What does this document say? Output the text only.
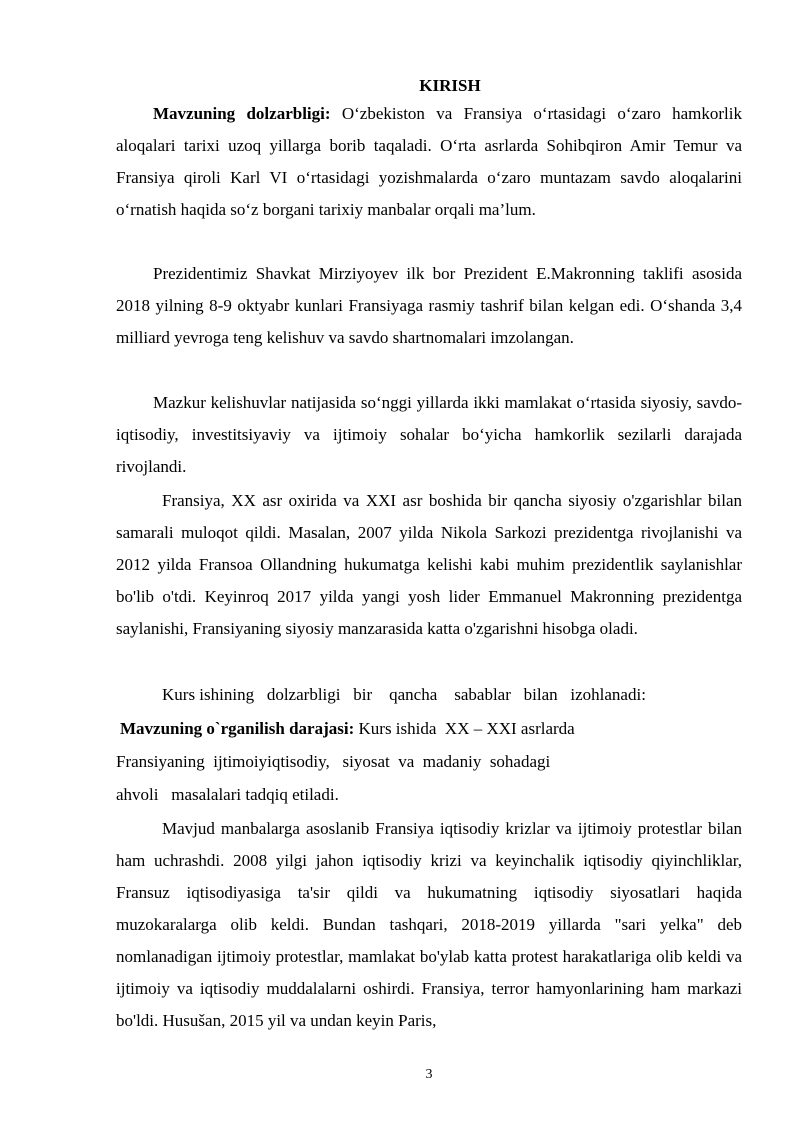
KIRISH

Mavzuning dolzarbligi: O‘zbekiston va Fransiya o‘rtasidagi o‘zaro hamkorlik aloqalari tarixi uzoq yillarga borib taqaladi. O‘rta asrlarda Sohibqiron Amir Temur va Fransiya qiroli Karl VI o‘rtasidagi yozishmalarda o‘zaro muntazam savdo aloqalarini o‘rnatish haqida so‘z borgani tarixiy manbalar orqali ma’lum.

Prezidentimiz Shavkat Mirziyoyev ilk bor Prezident E.Makronning taklifi asosida 2018 yilning 8-9 oktyabr kunlari Fransiyaga rasmiy tashrif bilan kelgan edi. O‘shanda 3,4 milliard yevroga teng kelishuv va savdo shartnomalari imzolangan.

Mazkur kelishuvlar natijasida so‘nggi yillarda ikki mamlakat o‘rtasida siyosiy, savdo-iqtisodiy, investitsiyaviy va ijtimoiy sohalar bo‘yicha hamkorlik sezilarli darajada rivojlandi.

Fransiya, XX asr oxirida va XXI asr boshida bir qancha siyosiy o'zgarishlar bilan samarali muloqot qildi. Masalan, 2007 yilda Nikola Sarkozi prezidentga rivojlanishi va 2012 yilda Fransoa Ollandning hukumatga kelishi kabi muhim prezidentlik saylanishlar bo'lib o'tdi. Keyinroq 2017 yilda yangi yosh lider Emmanuel Makronning prezidentga saylanishi, Fransiyaning siyosiy manzarasida katta o'zgarishni hisobga oladi.

Kurs ishining   dolzarbligi   bir    qancha    sabablar   bilan   izohlanadi:
Mavzuning o`rganilish darajasi: Kurs ishida  XX – XXI asrlarda
Fransiyaning  ijtimoiyiqtisodiy,   siyosat  va  madaniy  sohadagi
ahvoli   masalalari tadqiq etiladi.

Mavjud manbalarga asoslanib Fransiya iqtisodiy krizlar va ijtimoiy protestlar bilan ham uchrashdi. 2008 yilgi jahon iqtisodiy krizi va keyinchalik iqtisodiy qiyinchliklar, Fransuz iqtisodiyasiga ta'sir qildi va hukumatning iqtisodiy siyosatlari haqida muzokaralarga olib keldi. Bundan tashqari, 2018-2019 yillarda "sari yelka" deb nomlanadigan ijtimoiy protestlar, mamlakat bo'ylab katta protest harakatlariga olib keldi va ijtimoiy va iqtisodiy muddalalarni oshirdi. Fransiya, terror hamyonlarining ham markazi bo'ldi. Husušan, 2015 yil va undan keyin Paris,

3
